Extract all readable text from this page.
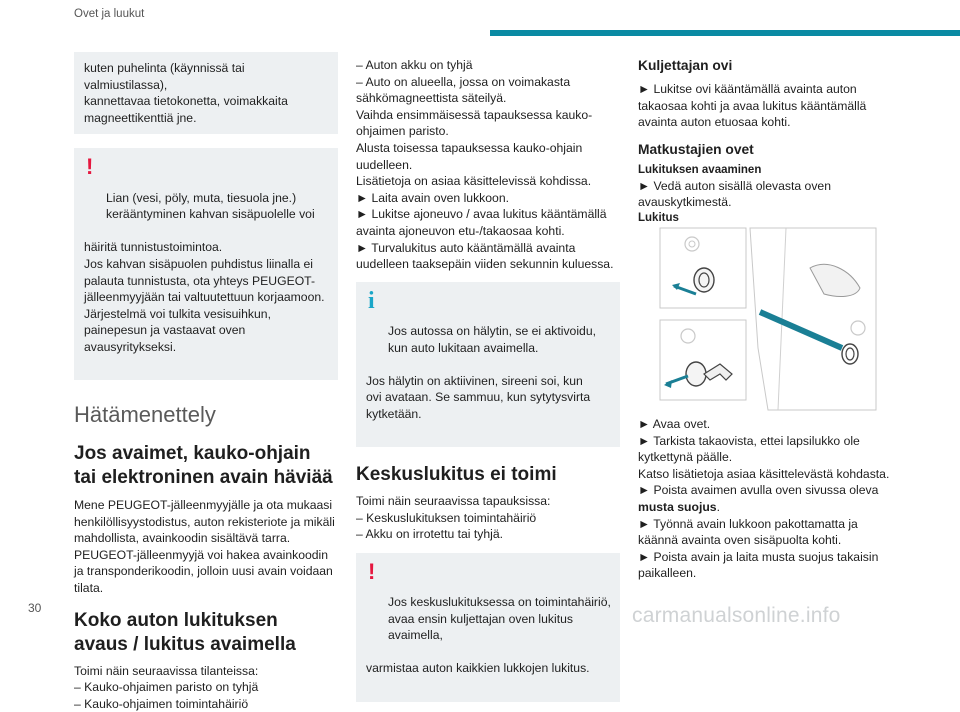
Ovet ja luukut
kuten puhelinta (käynnissä tai valmiustilassa),
kannettavaa tietokonetta, voimakkaita
magneettikenttiä jne.

!

Lian (vesi, pöly, muta, tiesuola jne.)
kerääntyminen kahvan sisäpuolelle voi

häiritä tunnistustoimintoa.
Jos kahvan sisäpuolen puhdistus liinalla ei
palauta tunnistusta, ota yhteys PEUGEOT-
jälleenmyyjään tai valtuutettuun korjaamoon.
Järjestelmä voi tulkita vesisuihkun,
painepesun ja vastaavat oven
avausyritykseksi.

Hätämenettely
Jos avaimet, kauko-ohjain
tai elektroninen avain häviää
Mene PEUGEOT-jälleenmyyjälle ja ota mukaasi
henkilöllisyystodistus, auton rekisteriote ja mikäli
mahdollista, avainkoodin sisältävä tarra.
PEUGEOT-jälleenmyyjä voi hakea avainkoodin
ja transponderikoodin, jolloin uusi avain voidaan
tilata.
Koko auton lukituksen
avaus / lukitus avaimella
Toimi näin seuraavissa tilanteissa:
– Kauko-ohjaimen paristo on tyhjä
– Kauko-ohjaimen toimintahäiriö
– Auton akku on tyhjä
– Auto on alueella, jossa on voimakasta
sähkömagneettista säteilyä.
Vaihda ensimmäisessä tapauksessa kauko-
ohjaimen paristo.
Alusta toisessa tapauksessa kauko-ohjain
uudelleen.
Lisätietoja on asiaa käsittelevissä kohdissa.
► Laita avain oven lukkoon.
► Lukitse ajoneuvo / avaa lukitus kääntämällä
avainta ajoneuvon etu-/takaosaa kohti.
► Turvalukitus auto kääntämällä avainta
uudelleen taaksepäin viiden sekunnin kuluessa.

i

Jos autossa on hälytin, se ei aktivoidu,
kun auto lukitaan avaimella.

Jos hälytin on aktiivinen, sireeni soi, kun
ovi avataan. Se sammuu, kun sytytysvirta
kytketään.

Keskuslukitus ei toimi
Toimi näin seuraavissa tapauksissa:
– Keskuslukituksen toimintahäiriö
– Akku on irrotettu tai tyhjä.

!

Jos keskuslukituksessa on toimintahäiriö,
avaa ensin kuljettajan oven lukitus avaimella,

varmistaa auton kaikkien lukkojen lukitus.

Kuljettajan ovi
► Lukitse ovi kääntämällä avainta auton
takaosaa kohti ja avaa lukitus kääntämällä
avainta auton etuosaa kohti.
Matkustajien ovet
Lukituksen avaaminen
► Vedä auton sisällä olevasta oven
avauskytkimestä.
Lukitus
► Avaa ovet.
► Tarkista takaovista, ettei lapsilukko ole
kytkettynä päälle.
Katso lisätietoja asiaa käsittelevästä kohdasta.
► Poista avaimen avulla oven sivussa oleva musta suojus.
► Työnnä avain lukkoon pakottamatta ja
käännä avainta oven sisäpuolta kohti.
► Poista avain ja laita musta suojus takaisin
paikalleen.
30	carmanualsonline.info
